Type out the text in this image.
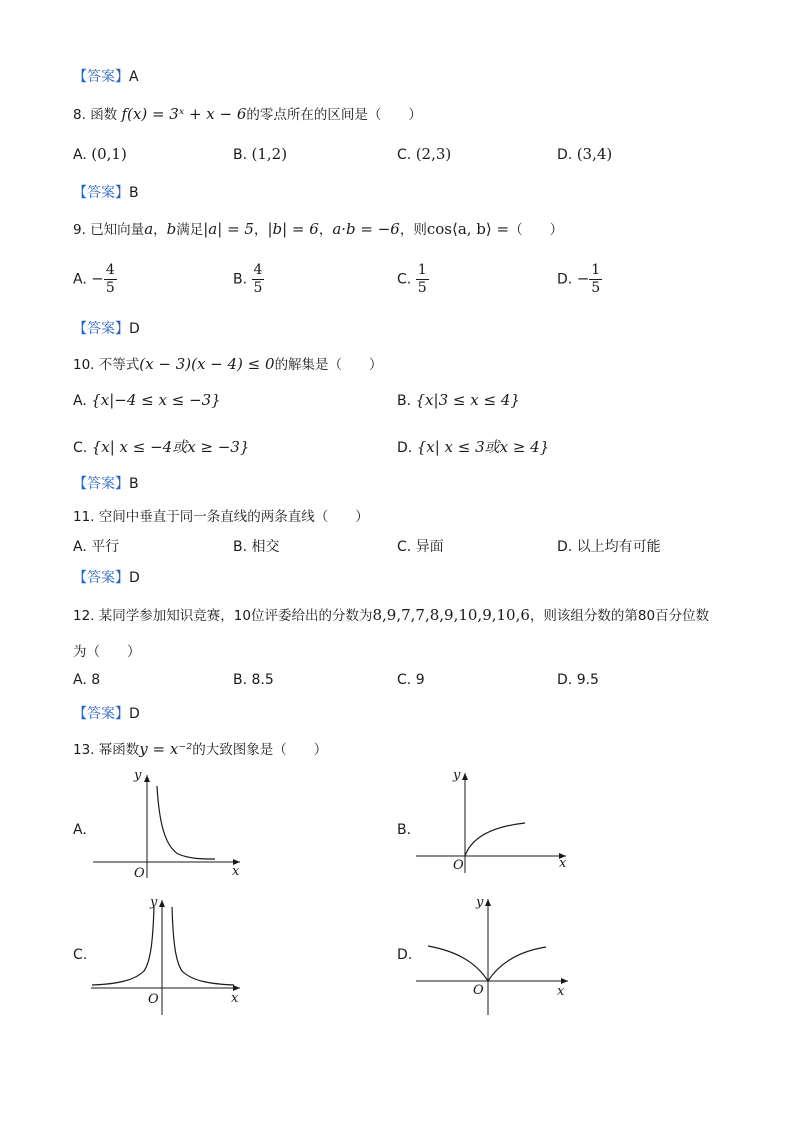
【答案】A
8. 函数 f(x) = 3ˣ + x − 6的零点所在的区间是（　　）
A. (0,1)	B. (1,2)	C. (2,3)	D. (3,4)
【答案】B
9. 已知向量a，b满足|a| = 5，|b| = 6，a·b = −6，则cos⟨a, b⟩ =（　　）
A. − $\frac{4}{5}$	B. $\frac{4}{5}$	C. $\frac{1}{5}$	D. − $\frac{1}{5}$
【答案】D
10. 不等式(x − 3)(x − 4) ≤ 0的解集是（　　）
A. {x|−4 ≤ x ≤ −3}	B. {x|3 ≤ x ≤ 4}
C. {x| x ≤ −4或x ≥ −3}	D. {x| x ≤ 3或x ≥ 4}
【答案】B
11. 空间中垂直于同一条直线的两条直线（　　）
A. 平行	B. 相交	C. 异面	D. 以上均有可能
【答案】D
12. 某同学参加知识竞赛，10位评委给出的分数为8,9,7,7,8,9,10,9,10,6，则该组分数的第80百分位数
为（　　）
A. 8	B. 8.5	C. 9	D. 9.5
【答案】D
13. 幂函数y = x⁻²的大致图象是（　　）
A.
O	x
y
B.
O	x
y
C.
O	x
y
D.
O	x
y
